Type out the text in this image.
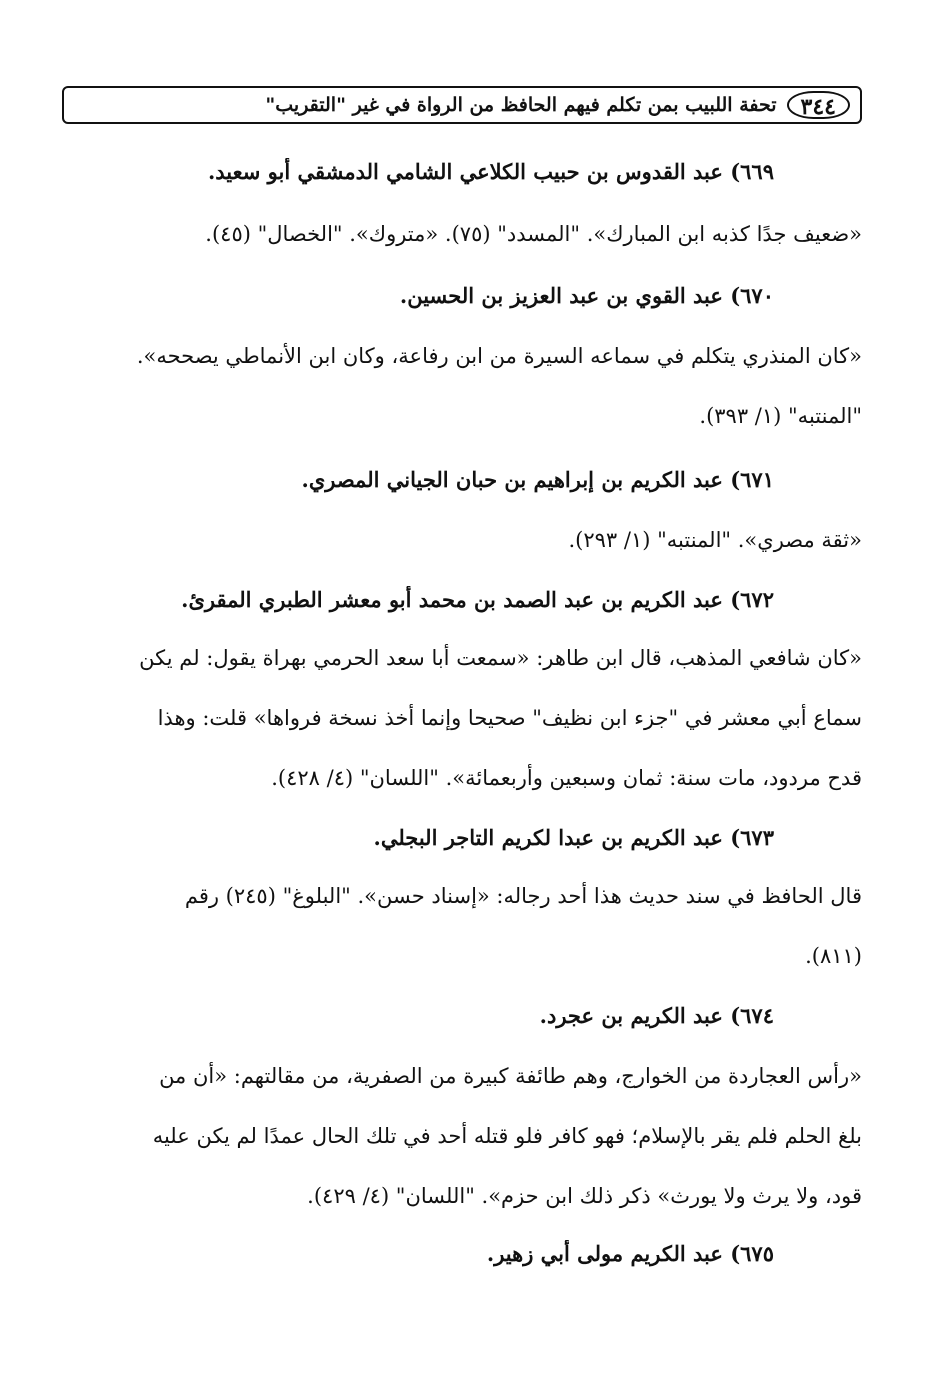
٣٤٤
تحفة اللبيب بمن تكلم فيهم الحافظ من الرواة في غير "التقريب"

٦٦٩) عبد القدوس بن حبيب الكلاعي الشامي الدمشقي أبو سعيد.

«ضعيف جدًا كذبه ابن المبارك». "المسدد" (٧٥). «متروك». "الخصال" (٤٥).

٦٧٠) عبد القوي بن عبد العزيز بن الحسين.

«كان المنذري يتكلم في سماعه السيرة من ابن رفاعة، وكان ابن الأنماطي يصححه».

"المنتبه" (١/ ٣٩٣).

٦٧١) عبد الكريم بن إبراهيم بن حبان الجياني المصري.

«ثقة مصري». "المنتبه" (١/ ٢٩٣).

٦٧٢) عبد الكريم بن عبد الصمد بن محمد أبو معشر الطبري المقرئ.

«كان شافعي المذهب، قال ابن طاهر: «سمعت أبا سعد الحرمي بهراة يقول: لم يكن

سماع أبي معشر في "جزء ابن نظيف" صحيحا وإنما أخذ نسخة فرواها» قلت: وهذا

قدح مردود، مات سنة: ثمان وسبعين وأربعمائة». "اللسان" (٤/ ٤٢٨).

٦٧٣) عبد الكريم بن عبدا لكريم التاجر البجلي.

قال الحافظ في سند حديث هذا أحد رجاله: «إسناد حسن». "البلوغ" (٢٤٥) رقم

(٨١١).

٦٧٤) عبد الكريم بن عجرد.

«رأس العجاردة من الخوارج، وهم طائفة كبيرة من الصفرية، من مقالتهم: «أن من

بلغ الحلم فلم يقر بالإسلام؛ فهو كافر فلو قتله أحد في تلك الحال عمدًا لم يكن عليه

قود، ولا يرث ولا يورث» ذكر ذلك ابن حزم». "اللسان" (٤/ ٤٢٩).

٦٧٥) عبد الكريم مولى أبي زهير.
